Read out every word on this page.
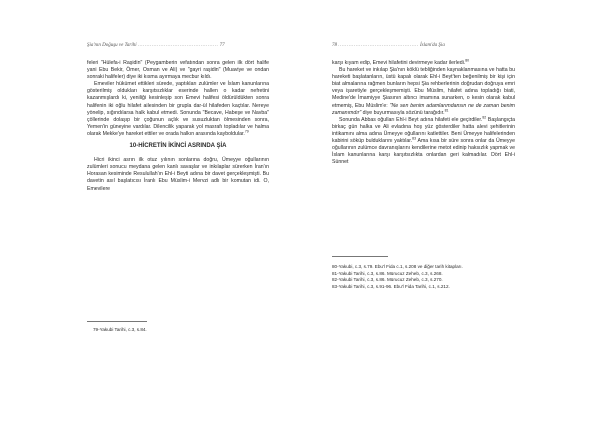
Şia'nın Doğuşu ve Tarihi .............................................. 77

feleri "Hülefa-i Raşidin" (Peygamberin vefatından sonra gelen ilk dört halife yani Ebu Bekir, Ömer, Osman ve Ali) ve "gayri raşidin" (Muaviye ve ondan sonraki halifeler) diye iki kısma ayırmaya mecbur kıldı.

Emeviler hükümet ettikleri sürede, yaptıkları zulümler ve İslam kanunlarına gösterilmiş oldukları karşıtsızlıklar eserinde hallen o kadar nefretini kazanmışlardı ki, yeniliği kesinleşip son Emevi halifesi öldürüldükten sonra halifenin iki oğlu hilafet ailesinden bir grupla dar-ül hilafeden kaçtılar. Nereye yönelip, sığındılarsa halk kabul etmedi. Sonunda "Becave, Habeşe ve Navba" çöllerinde dolaşıp bir çoğunun açlık ve susuzluktan ölmesinden sonra, Yemen'in güneyine vardılar. Dilencilik yaparak yol masrafı topladılar ve halma olarak Mekke'ye hareket ettiler ve orada halkın arasında kayboldular.$^{79}$

10-HİCRETİN İKİNCİ ASRINDA ŞİA

Hicri ikinci asrın ilk otuz yılının sonlarına doğru, Ümeyye oğullarının zulümleri sonucu meydana gelen kanlı savaşlar ve inkılaplar sürerken İran'ın Horasan kesiminde Resulullah'ın Ehl-i Beyti adına bir davet gerçekleşmişti. Bu davetin asıl başlatıcısı İranlı Ebu Müslim-i Mervzi adlı bir komutan idi. O, Emevilere

79-Yakubi Tarihi, c.3, s.84.
78 .............................................. İslam'da Şia

karşı kıyam edip, Emevi hilafetini devirmeye kadar ilerledi.$^{80}$

Bu hareket ve inkılap Şia'nın köklü tebliğinden kaynaklanmasına ve hatta bu hareketi başlatanların, üstü kapalı olarak Ehl-i Beyt'ten beğenilmiş bir kişi için biat almalarına rağmen bunların hepsi Şia rehberlerinin doğrudan doğruya emri veya işaretiyle gerçekleşmemişti. Ebu Müslim, hilafet adına topladığı biati, Medine'de İmamiyye Şiasının altıncı imamına sunarken, o kesin olarak kabul etmemiş, Ebu Müslim'e: "Ne sen benim adamlarımdansın ne de zaman benim zamanımdır" diye buyurmasıyla sözünü tarağıdır.$^{81}$

Sonunda Abbas oğulları Ehl-i Beyt adına hilafeti ele geçirdiler.$^{82}$ Başlangıçta birkaç gün halka ve Ali evladına hoş yüz gösterdiler hatta alevi şehitlerinin intikamını alma adına Ümeyye oğullarını katlettiler. Beni Ümeyye halifelerinden kabirini söküp bulduklarını yaktılar.$^{83}$ Ama kısa bir süre sonra onlar da Ümeyye oğullarının zulümce davranışlarını kendilerine metot edinip haksızlık yapmak ve İslam kanunlarına karşı karşıtsızlıkta onlardan geri kalmadılar. Dört Ehl-i Sünnet

80-Yakubi, c.3, s.79. Ebu'l Fida c.1, s.208 ve diğer tarih kitapları.
81-Yakubi Tarihi, c.3, s.86. Mürucuz Zeheb, c.3, s.268.
82-Yakubi Tarihi, c.3, s.86. Mürucuz Zeheb, c.3, s.270.
83-Yakubi Tarihi, c.3, s.91-96. Ebu'l Fida Tarihi, c.1, s.212.
